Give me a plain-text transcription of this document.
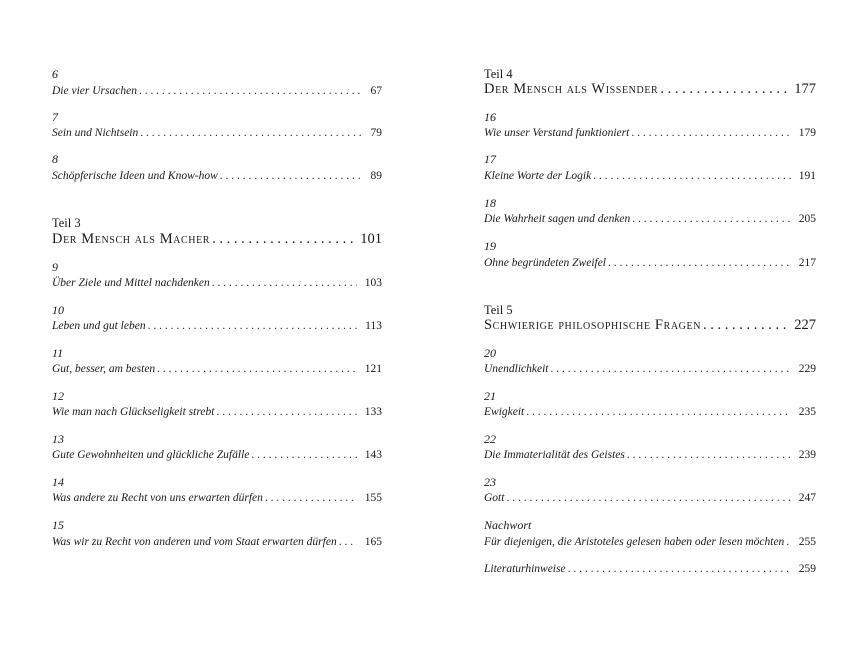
6
Die vier Ursachen . . .	67
7
Sein und Nichtsein . . .	79
8
Schöpferische Ideen und Know-how . . .	89
Teil 3
Der Mensch als Macher . . .	101
9
Über Ziele und Mittel nachdenken . . .	103
10
Leben und gut leben . . .	113
11
Gut, besser, am besten . . .	121
12
Wie man nach Glückseligkeit strebt . . .	133
13
Gute Gewohnheiten und glückliche Zufälle . . .	143
14
Was andere zu Recht von uns erwarten dürfen . . .	155
15
Was wir zu Recht von anderen und vom Staat erwarten dürfen . . .	165
Teil 4
Der Mensch als Wissender . . .	177
16
Wie unser Verstand funktioniert . . .	179
17
Kleine Worte der Logik . . .	191
18
Die Wahrheit sagen und denken . . .	205
19
Ohne begründeten Zweifel . . .	217
Teil 5
Schwierige philosophische Fragen . . .	227
20
Unendlichkeit . . .	229
21
Ewigkeit . . .	235
22
Die Immaterialität des Geistes . . .	239
23
Gott . . .	247
Nachwort
Für diejenigen, die Aristoteles gelesen haben oder lesen möchten . . .	255
Literaturhinweise . . .	259
